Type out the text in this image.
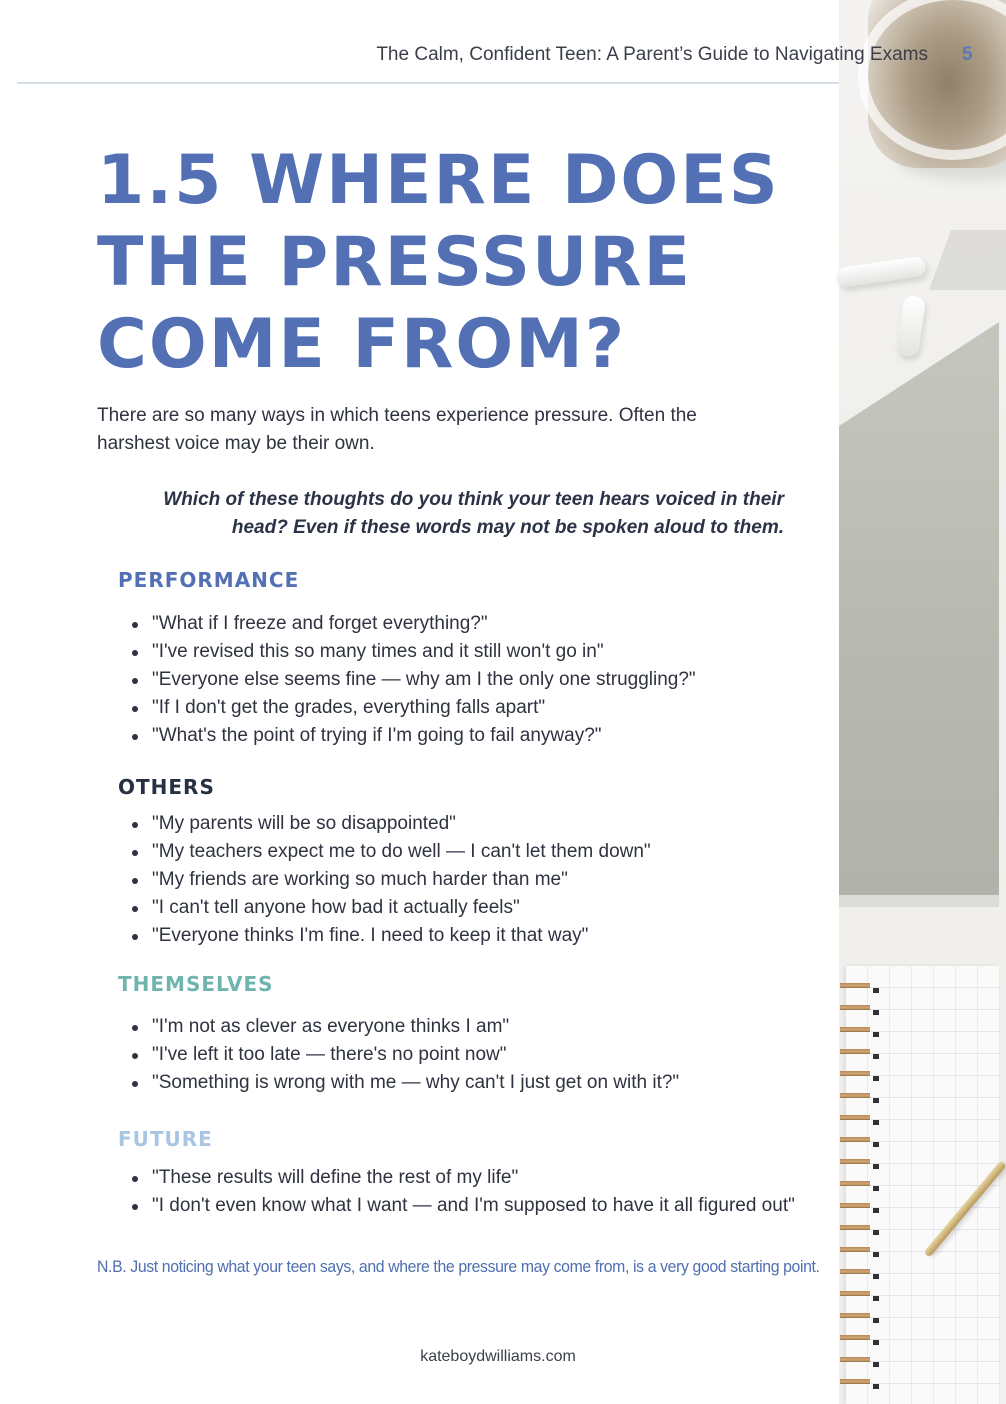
The Calm, Confident Teen: A Parent’s Guide to Navigating Exams 5
1.5 WHERE DOES THE PRESSURE COME FROM?

There are so many ways in which teens experience pressure. Often the harshest voice may be their own.

Which of these thoughts do you think your teen hears voiced in their head? Even if these words may not be spoken aloud to them.

PERFORMANCE
"What if I freeze and forget everything?"
"I've revised this so many times and it still won't go in"
"Everyone else seems fine — why am I the only one struggling?"
"If I don't get the grades, everything falls apart"
"What's the point of trying if I'm going to fail anyway?"
OTHERS
"My parents will be so disappointed"
"My teachers expect me to do well — I can't let them down"
"My friends are working so much harder than me"
"I can't tell anyone how bad it actually feels"
"Everyone thinks I'm fine. I need to keep it that way"
THEMSELVES
"I'm not as clever as everyone thinks I am"
"I've left it too late — there's no point now"
"Something is wrong with me — why can't I just get on with it?"
FUTURE
"These results will define the rest of my life"
"I don't even know what I want — and I'm supposed to have it all figured out"

N.B. Just noticing what your teen says, and where the pressure may come from, is a very good starting point.

kateboydwilliams.com
